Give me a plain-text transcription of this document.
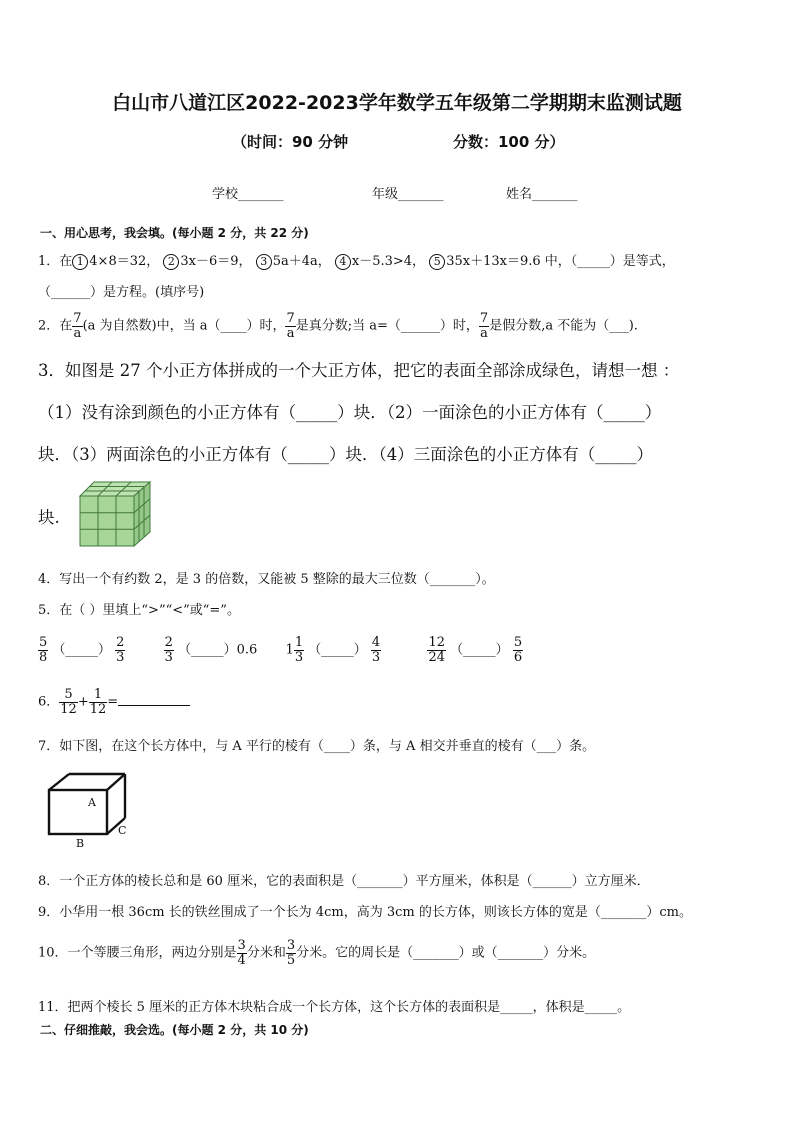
白山市八道江区2022-2023学年数学五年级第二学期期末监测试题
（时间：90 分钟	分数：100 分）
学校_______	年级_______	姓名_______
一、用心思考，我会填。(每小题 2 分，共 22 分)
1．在 1 4×8＝32， 2 3x－6＝9， 3 5a＋4a， 4 x－5.3>4， 5 35x＋13x＝9.6 中，（_____）是等式，
（______）是方程。(填序号)
2．在 $\frac{7}{a} (a$ 为自然数)中，当 a（____）时， $\frac{7}{a}$ 是真分数;当 a=（______）时， $\frac{7}{a}$ 是假分数,a 不能为（___).
3．如图是 27 个小正方体拼成的一个大正方体，把它的表面全部涂成绿色，请想一想 ：
（1）没有涂到颜色的小正方体有（_____）块．（2）一面涂色的小正方体有（_____）
块．（3）两面涂色的小正方体有（_____）块．（4）三面涂色的小正方体有（_____）
块.
4．写出一个有约数 2，是 3 的倍数，又能被 5 整除的最大三位数（_______）。
5．在（ ）里填上“>”“<”或“=”。
$\frac{5}{8}$ （_____） $\frac{2}{3}$
	$\frac{2}{3}$ （_____）0.6 $1 \frac{1}{3}$ （_____） $\frac{4}{3}$
	$\frac{12}{24}$ （_____） $\frac{5}{6}$
6． $\frac{5}{12} + \frac{1}{12}$ =
7．如下图，在这个长方体中，与 A 平行的棱有（____）条，与 A 相交并垂直的棱有（___）条。
A
C
B
8．一个正方体的棱长总和是 60 厘米，它的表面积是（_______）平方厘米，体积是（______）立方厘米．
9．小华用一根 36cm 长的铁丝围成了一个长为 4cm，高为 3cm 的长方体，则该长方体的宽是（_______）cm。
10．一个等腰三角形，两边分别是 $\frac{3}{4}$ 分米和 $\frac{3}{5}$ 分米。它的周长是（_______）或（_______）分米。
11．把两个棱长 5 厘米的正方体木块粘合成一个长方体，这个长方体的表面积是_____，体积是_____。
二、仔细推敲，我会选。(每小题 2 分，共 10 分)
